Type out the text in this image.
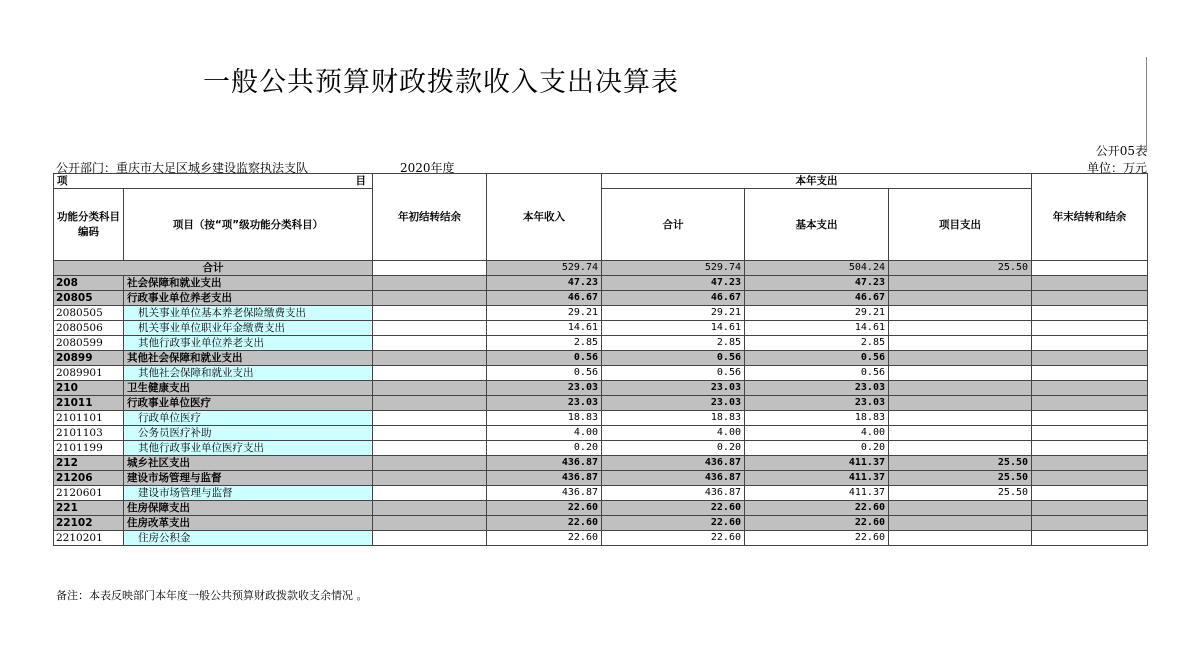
一般公共预算财政拨款收入支出决算表
公开05表
公开部门：重庆市大足区城乡建设监察执法支队	2020年度	单位：万元
项 目		年初结转结余	本年收入	本年支出			年末结转和结余
功能分类科目编码	项目（按“项”级功能分类科目）			合计	基本支出	项目支出	

合计			529.74	529.74	504.24	25.50	
208	社会保障和就业支出		47.23	47.23	47.23		
20805	行政事业单位养老支出		46.67	46.67	46.67		
2080505	机关事业单位基本养老保险缴费支出		29.21	29.21	29.21		
2080506	机关事业单位职业年金缴费支出		14.61	14.61	14.61		
2080599	其他行政事业单位养老支出		2.85	2.85	2.85		
20899	其他社会保障和就业支出		0.56	0.56	0.56		
2089901	其他社会保障和就业支出		0.56	0.56	0.56		
210	卫生健康支出		23.03	23.03	23.03		
21011	行政事业单位医疗		23.03	23.03	23.03		
2101101	行政单位医疗		18.83	18.83	18.83		
2101103	公务员医疗补助		4.00	4.00	4.00		
2101199	其他行政事业单位医疗支出		0.20	0.20	0.20		
212	城乡社区支出		436.87	436.87	411.37	25.50	
21206	建设市场管理与监督		436.87	436.87	411.37	25.50	
2120601	建设市场管理与监督		436.87	436.87	411.37	25.50	
221	住房保障支出		22.60	22.60	22.60		
22102	住房改革支出		22.60	22.60	22.60		
2210201	住房公积金		22.60	22.60	22.60		
备注：本表反映部门本年度一般公共预算财政拨款收支余情况 。
